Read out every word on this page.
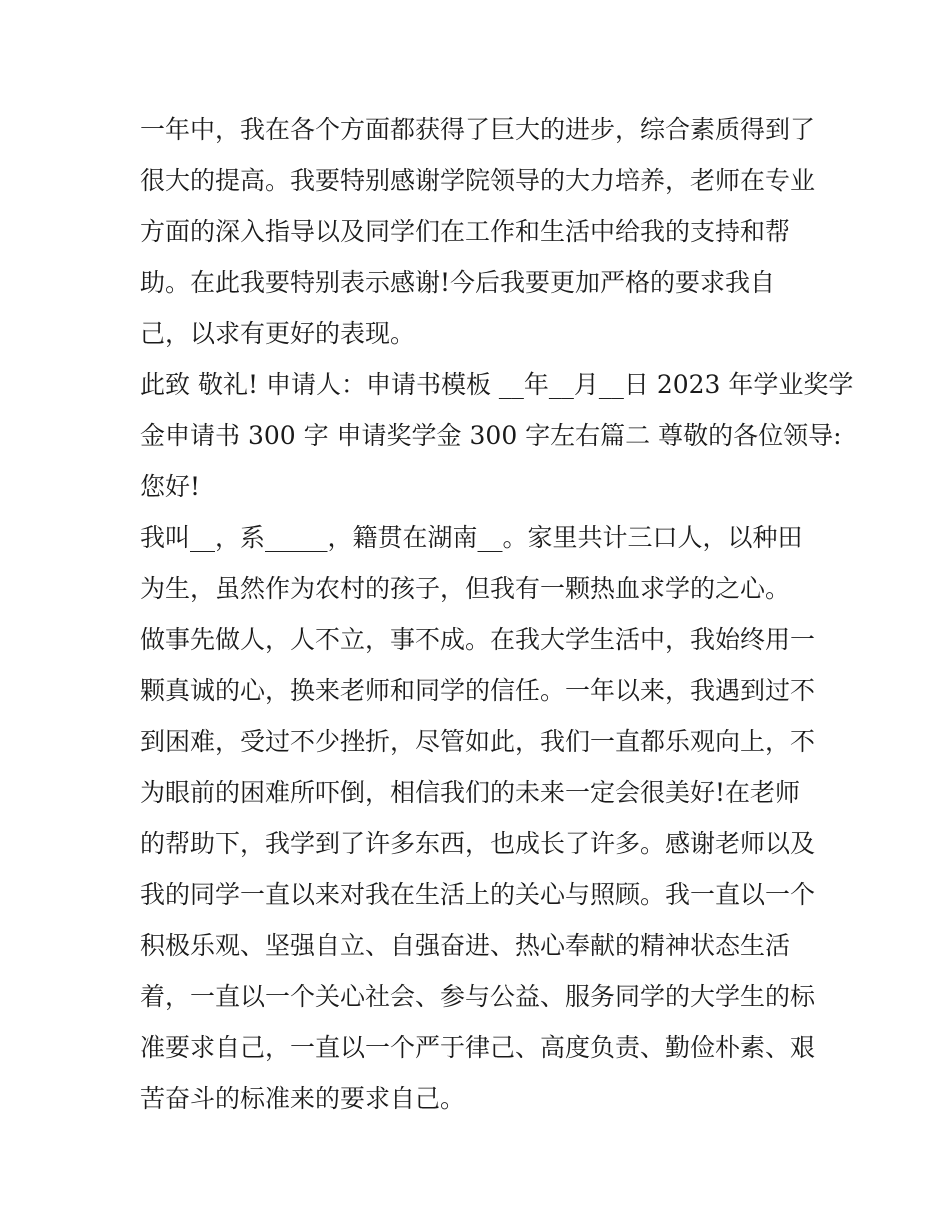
一年中，我在各个方面都获得了巨大的进步，综合素质得到了
很大的提高。我要特别感谢学院领导的大力培养，老师在专业
方面的深入指导以及同学们在工作和生活中给我的支持和帮
助。在此我要特别表示感谢!今后我要更加严格的要求我自
己，以求有更好的表现。
此致 敬礼! 申请人：申请书模板 __年__月__日 2023 年学业奖学
金申请书 300 字 申请奖学金 300 字左右篇二 尊敬的各位领导:
您好!
我叫__，系_____，籍贯在湖南__。家里共计三口人，以种田
为生，虽然作为农村的孩子，但我有一颗热血求学的之心。
做事先做人，人不立，事不成。在我大学生活中，我始终用一
颗真诚的心，换来老师和同学的信任。一年以来，我遇到过不
到困难，受过不少挫折，尽管如此，我们一直都乐观向上，不
为眼前的困难所吓倒，相信我们的未来一定会很美好!在老师
的帮助下，我学到了许多东西，也成长了许多。感谢老师以及
我的同学一直以来对我在生活上的关心与照顾。我一直以一个
积极乐观、坚强自立、自强奋进、热心奉献的精神状态生活
着，一直以一个关心社会、参与公益、服务同学的大学生的标
准要求自己，一直以一个严于律己、高度负责、勤俭朴素、艰
苦奋斗的标准来的要求自己。
